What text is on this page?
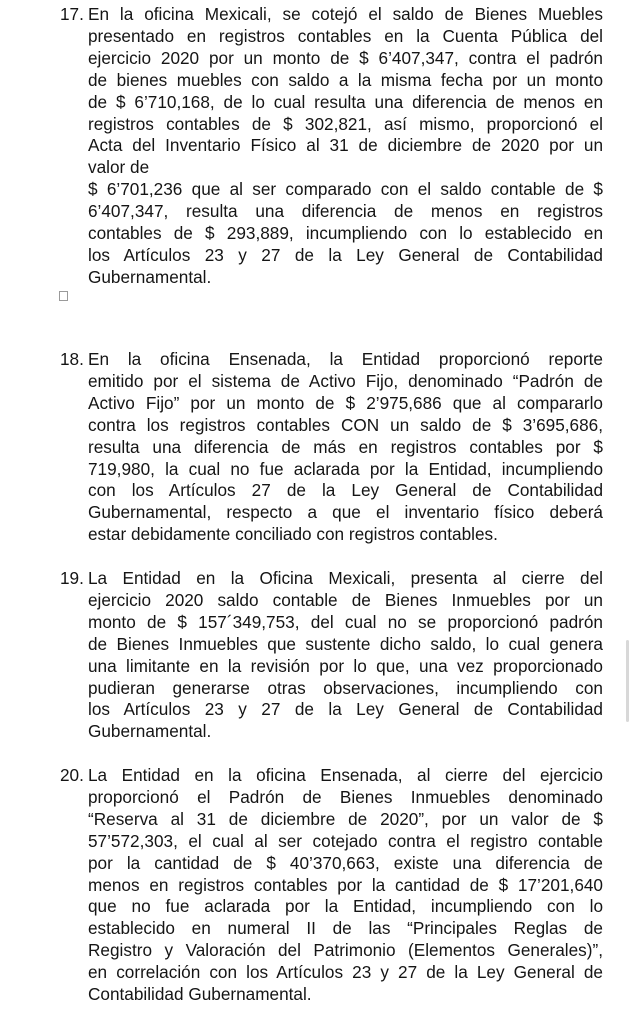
17. En la oficina Mexicali, se cotejó el saldo de Bienes Muebles
presentado en registros contables en la Cuenta Pública del
ejercicio 2020 por un monto de $ 6’407,347, contra el padrón
de bienes muebles con saldo a la misma fecha por un monto
de $ 6’710,168, de lo cual resulta una diferencia de menos en
registros contables de $ 302,821, así mismo, proporcionó el
Acta del Inventario Físico al 31 de diciembre de 2020 por un
valor de
$ 6’701,236 que al ser comparado con el saldo contable de $
6’407,347, resulta una diferencia de menos en registros
contables de $ 293,889, incumpliendo con lo establecido en
los Artículos 23 y 27 de la Ley General de Contabilidad
Gubernamental.
18. En la oficina Ensenada, la Entidad proporcionó reporte
emitido por el sistema de Activo Fijo, denominado “Padrón de
Activo Fijo” por un monto de $ 2’975,686 que al compararlo
contra los registros contables CON un saldo de $ 3’695,686,
resulta una diferencia de más en registros contables por $
719,980, la cual no fue aclarada por la Entidad, incumpliendo
con los Artículos 27 de la Ley General de Contabilidad
Gubernamental, respecto a que el inventario físico deberá
estar debidamente conciliado con registros contables.
19. La Entidad en la Oficina Mexicali, presenta al cierre del
ejercicio 2020 saldo contable de Bienes Inmuebles por un
monto de $ 157´349,753, del cual no se proporcionó padrón
de Bienes Inmuebles que sustente dicho saldo, lo cual genera
una limitante en la revisión por lo que, una vez proporcionado
pudieran generarse otras observaciones, incumpliendo con
los Artículos 23 y 27 de la Ley General de Contabilidad
Gubernamental.
20. La Entidad en la oficina Ensenada, al cierre del ejercicio
proporcionó el Padrón de Bienes Inmuebles denominado
“Reserva al 31 de diciembre de 2020”, por un valor de $
57’572,303, el cual al ser cotejado contra el registro contable
por la cantidad de $ 40’370,663, existe una diferencia de
menos en registros contables por la cantidad de $ 17’201,640
que no fue aclarada por la Entidad, incumpliendo con lo
establecido en numeral II de las “Principales Reglas de
Registro y Valoración del Patrimonio (Elementos Generales)”,
en correlación con los Artículos 23 y 27 de la Ley General de
Contabilidad Gubernamental.
